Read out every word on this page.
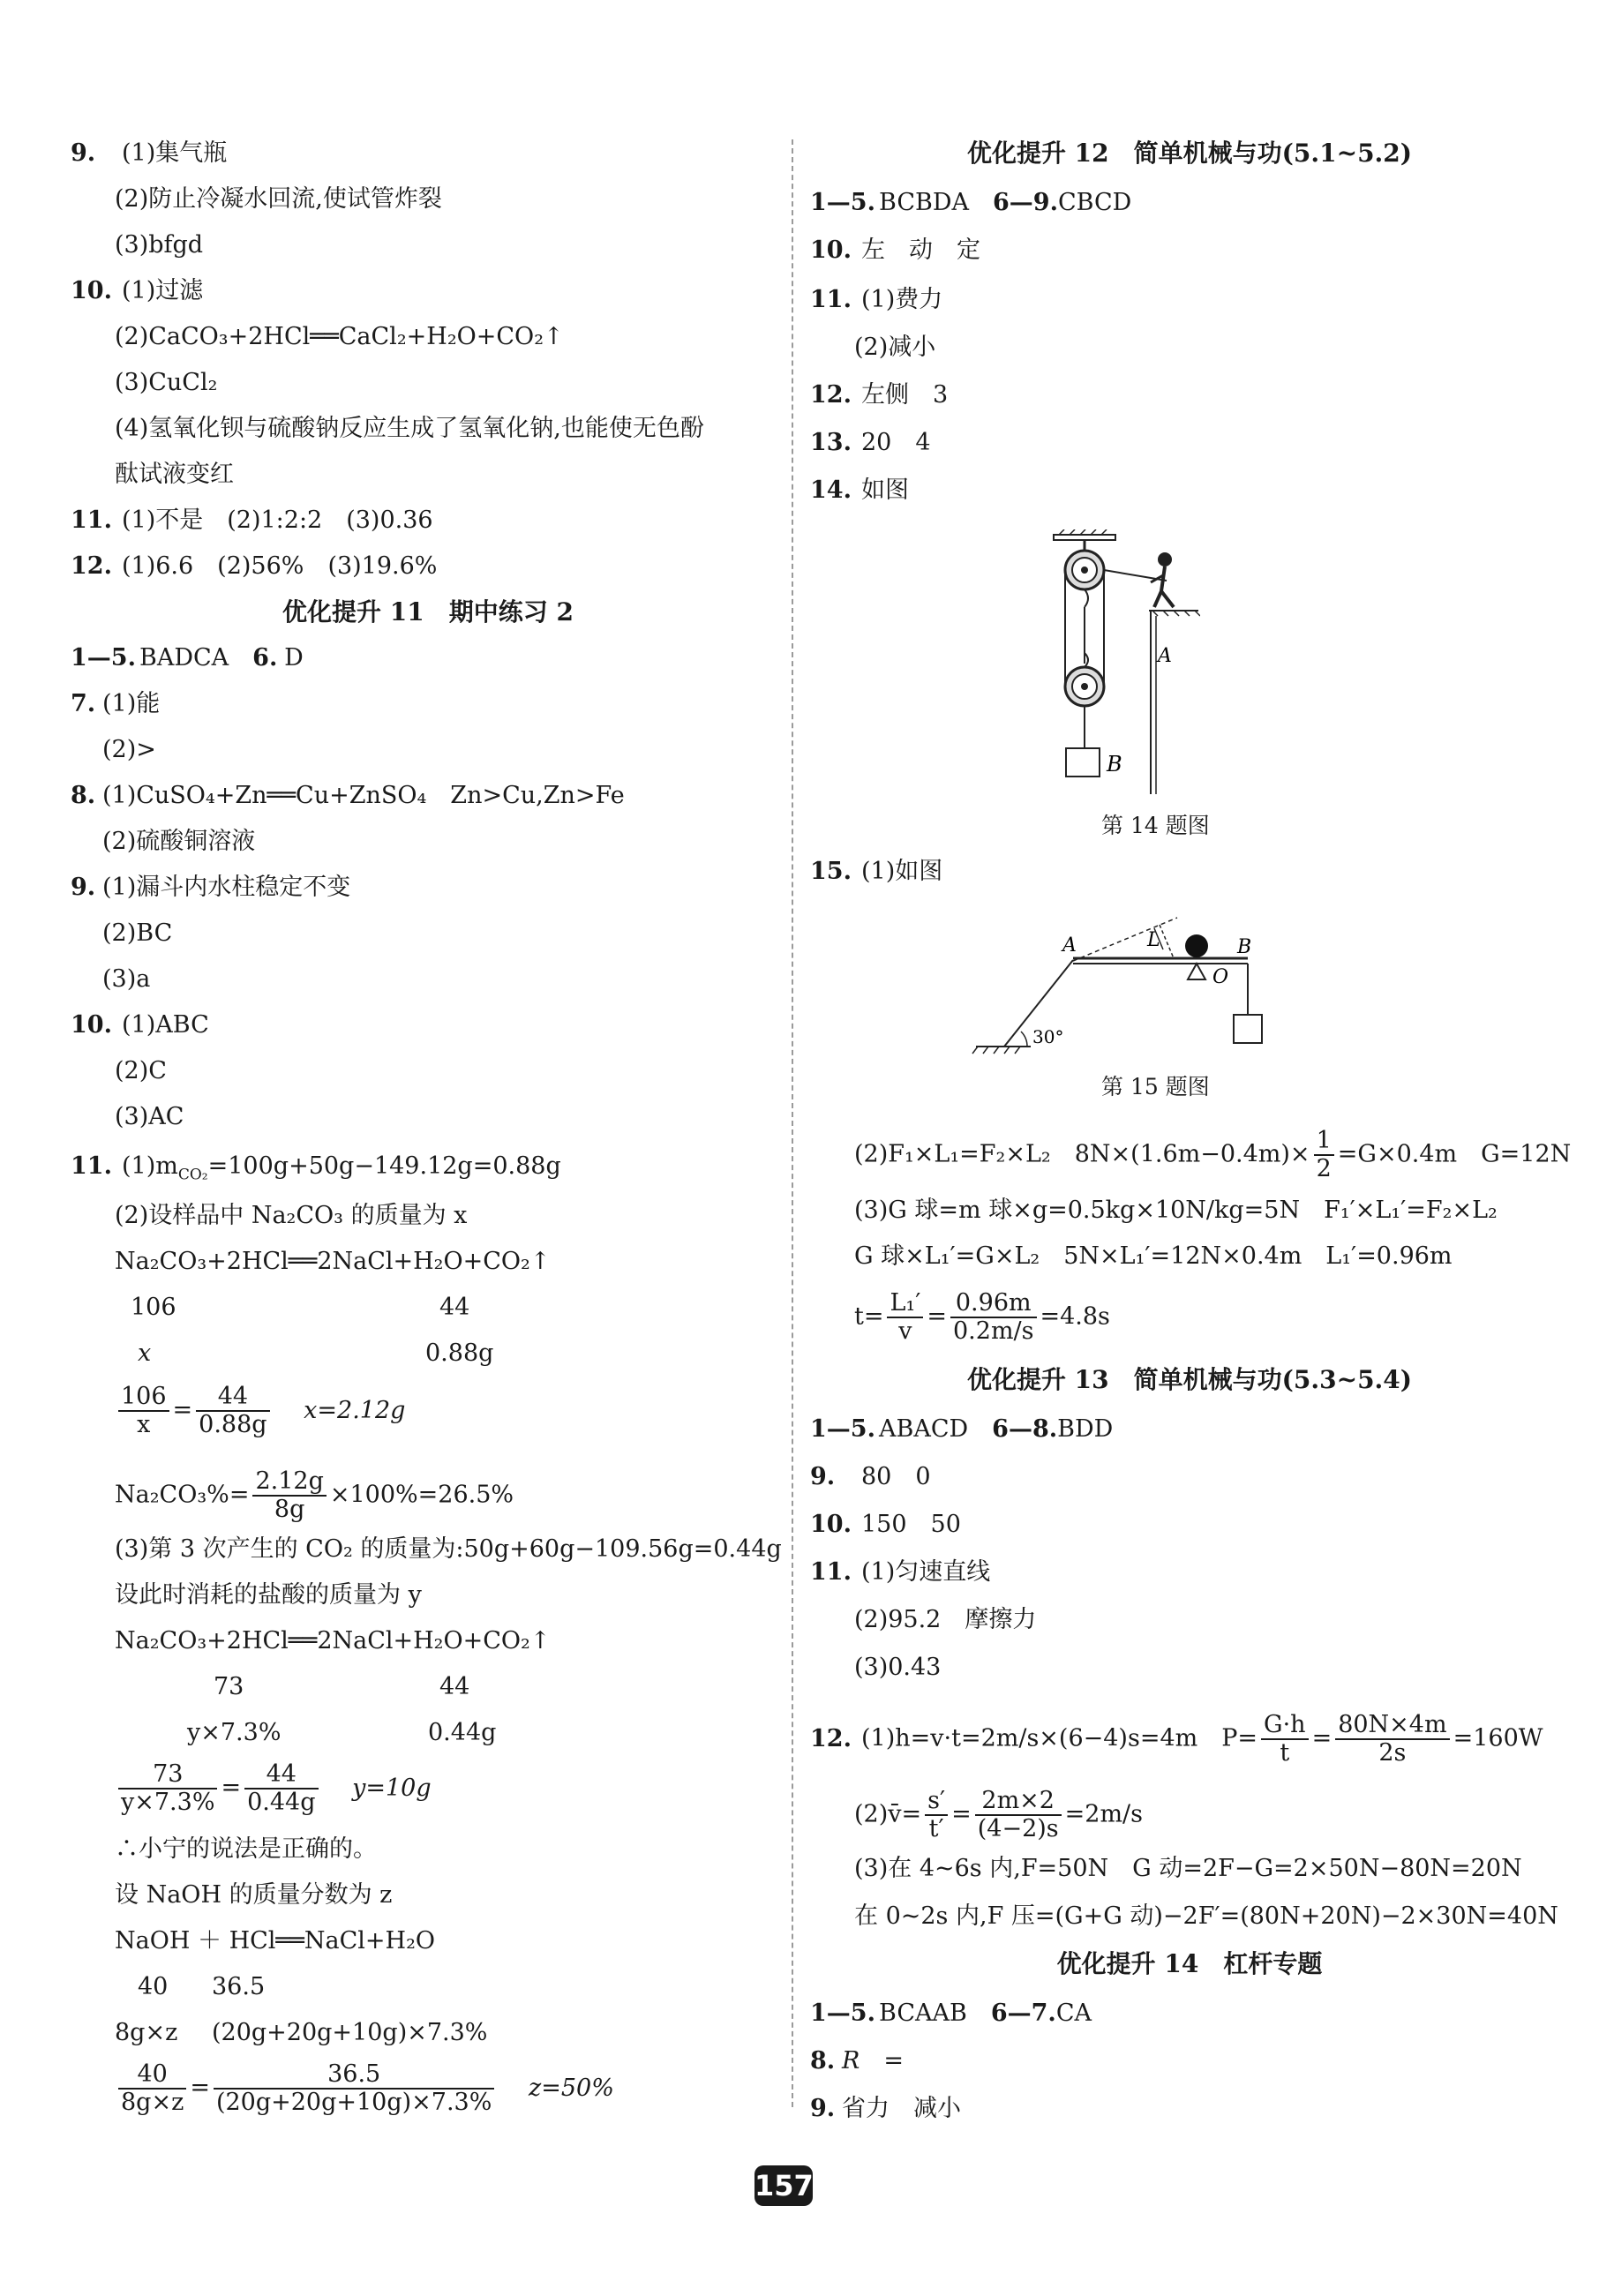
9. (1)集气瓶
(2)防止冷凝水回流,使试管炸裂
(3)bfgd
10. (1)过滤
(2)CaCO₃+2HCl══CaCl₂+H₂O+CO₂↑
(3)CuCl₂
(4)氢氧化钡与硫酸钠反应生成了氢氧化钠,也能使无色酚
酞试液变红
11. (1)不是　(2)1:2:2　(3)0.36
12. (1)6.6　(2)56%　(3)19.6%
优化提升 11　期中练习 2
1—5. BADCA　6. D
7. (1)能
(2)>
8. (1)CuSO₄+Zn══Cu+ZnSO₄　Zn>Cu,Zn>Fe
(2)硫酸铜溶液
9. (1)漏斗内水柱稳定不变
(2)BC
(3)a
10. (1)ABC
(2)C
(3)AC
11. $(1)m_{CO_2}=100g+50g-149.12g=0.88g$
(2)设样品中 Na₂CO₃ 的质量为 x
Na₂CO₃+2HCl══2NaCl+H₂O+CO₂↑
106	44
x	0.88g
$\frac{106}{x} = \frac{44}{0.88g} x=2.12g$
$Na_2CO_3\%= \frac{2.12g}{8g} \times 100\%=26.5\%$
(3)第 3 次产生的 CO₂ 的质量为:50g+60g−109.56g=0.44g
设此时消耗的盐酸的质量为 y
Na₂CO₃+2HCl══2NaCl+H₂O+CO₂↑
73	44
y×7.3%	0.44g
$\frac{73}{y\times 7.3\%} = \frac{44}{0.44g} y=10g$
∴小宁的说法是正确的。
设 NaOH 的质量分数为 z
NaOH ＋ HCl══NaCl+H₂O
40 36.5
8g×z (20g+20g+10g)×7.3%
$\frac{40}{8g\times z} = \frac{36.5}{(20g+20g+10g)\times 7.3\%} z=50\%$
优化提升 12　简单机械与功(5.1~5.2)
1—5. BCBDA　6—9.CBCD
10. 左　动　定
11. (1)费力
(2)减小
12. 左侧　3
13. 20　4
14. 如图
B
A
第 14 题图
15. (1)如图
30°
A	L	B
O
第 15 题图
(2)F₁×L₁=F₂×L₂　$8N\times(1.6m-0.4m)\times \frac{1}{2} =G\times 0.4m$　G=12N
(3)G 球=m 球×g=0.5kg×10N/kg=5N　F₁′×L₁′=F₂×L₂
G 球×L₁′=G×L₂　5N×L₁′=12N×0.4m　L₁′=0.96m
$t= \frac{\text{L₁′}}{v} = \frac{0.96m}{0.2m/s} =4.8s$
优化提升 13　简单机械与功(5.3~5.4)
1—5. ABACD　6—8.BDD
9. 80　0
10. 150　50
11. (1)匀速直线
(2)95.2　摩擦力
(3)0.43
12. (1)h=v·t=2m/s×(6−4)s=4m　$P= \frac{G\cdot h}{t} = \frac{80N\times 4m}{2s} =160W$
(2)v̄= $\frac{s'}{t'} = \frac{2m\times 2}{(4-2)s} =2m/s$
(3)在 4~6s 内,F=50N　G 动=2F−G=2×50N−80N=20N
在 0~2s 内,F 压=(G+G 动)−2F′=(80N+20N)−2×30N=40N
优化提升 14　杠杆专题
1—5. BCAAB　6—7.CA
8. R　=
9. 省力　减小
157
